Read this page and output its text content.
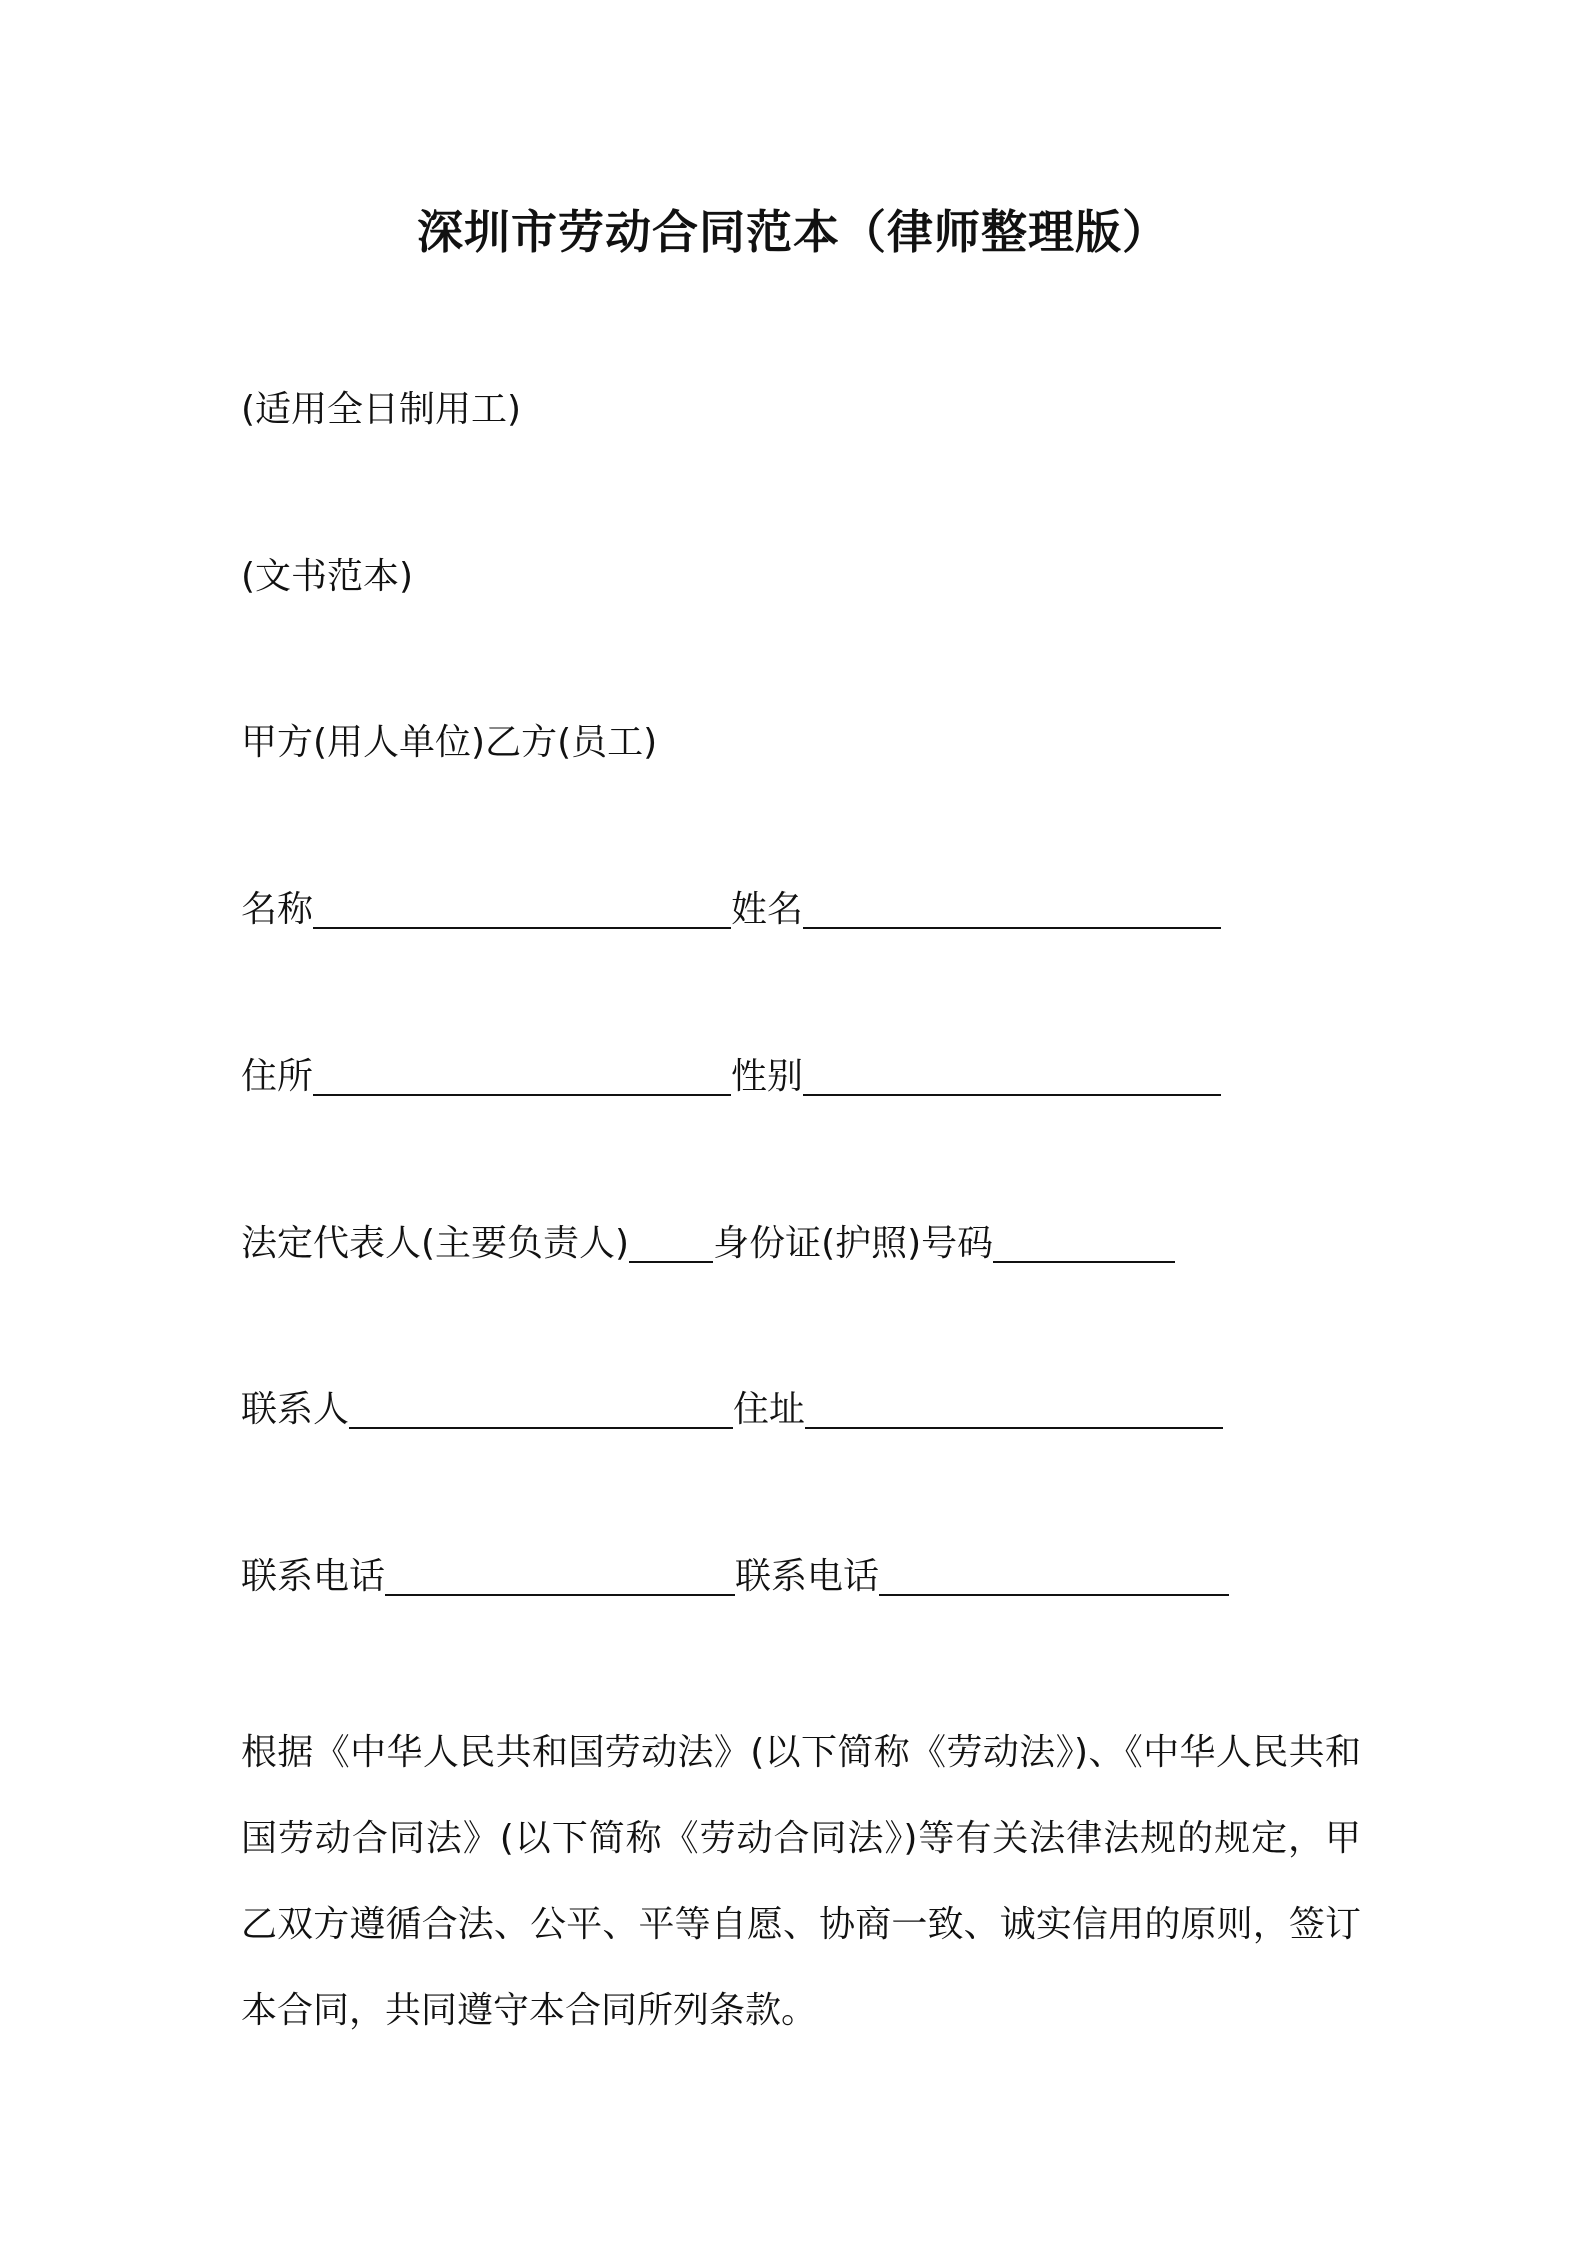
深圳市劳动合同范本（律师整理版）
(适用全日制用工)
(文书范本)
甲方(用人单位)乙方(员工)
名称	姓名
住所	性别
法定代表人(主要负责人) 身份证(护照)号码
联系人	住址
联系电话	联系电话
根据《中华人民共和国劳动法》(以下简称《劳动法》)、《中华人民共和国劳动合同法》(以下简称《劳动合同法》)等有关法律法规的规定，甲乙双方遵循合法、公平、平等自愿、协商一致、诚实信用的原则，签订本合同，共同遵守本合同所列条款。
